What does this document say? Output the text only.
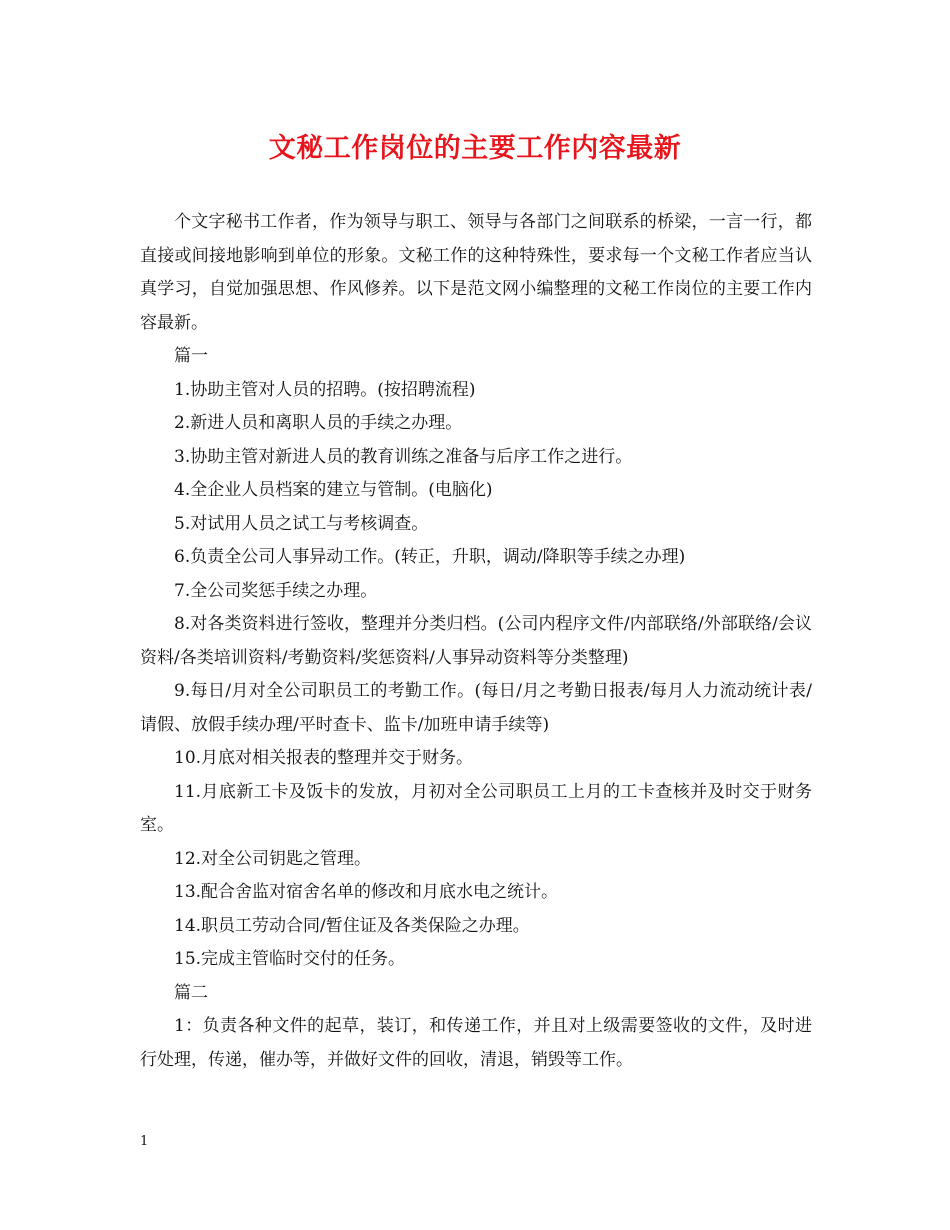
文秘工作岗位的主要工作内容最新

个文字秘书工作者，作为领导与职工、领导与各部门之间联系的桥梁，一言一行，都直接或间接地影响到单位的形象。文秘工作的这种特殊性，要求每一个文秘工作者应当认真学习，自觉加强思想、作风修养。以下是范文网小编整理的文秘工作岗位的主要工作内容最新。

篇一

1.协助主管对人员的招聘。(按招聘流程)

2.新进人员和离职人员的手续之办理。

3.协助主管对新进人员的教育训练之准备与后序工作之进行。

4.全企业人员档案的建立与管制。(电脑化)

5.对试用人员之试工与考核调查。

6.负责全公司人事异动工作。(转正，升职，调动/降职等手续之办理)

7.全公司奖惩手续之办理。

8.对各类资料进行签收，整理并分类归档。(公司内程序文件/内部联络/外部联络/会议资料/各类培训资料/考勤资料/奖惩资料/人事异动资料等分类整理)

9.每日/月对全公司职员工的考勤工作。(每日/月之考勤日报表/每月人力流动统计表/请假、放假手续办理/平时查卡、监卡/加班申请手续等)

10.月底对相关报表的整理并交于财务。

11.月底新工卡及饭卡的发放，月初对全公司职员工上月的工卡查核并及时交于财务室。

12.对全公司钥匙之管理。

13.配合舍监对宿舍名单的修改和月底水电之统计。

14.职员工劳动合同/暂住证及各类保险之办理。

15.完成主管临时交付的任务。

篇二

1：负责各种文件的起草，装订，和传递工作，并且对上级需要签收的文件，及时进行处理，传递，催办等，并做好文件的回收，清退，销毁等工作。

1
